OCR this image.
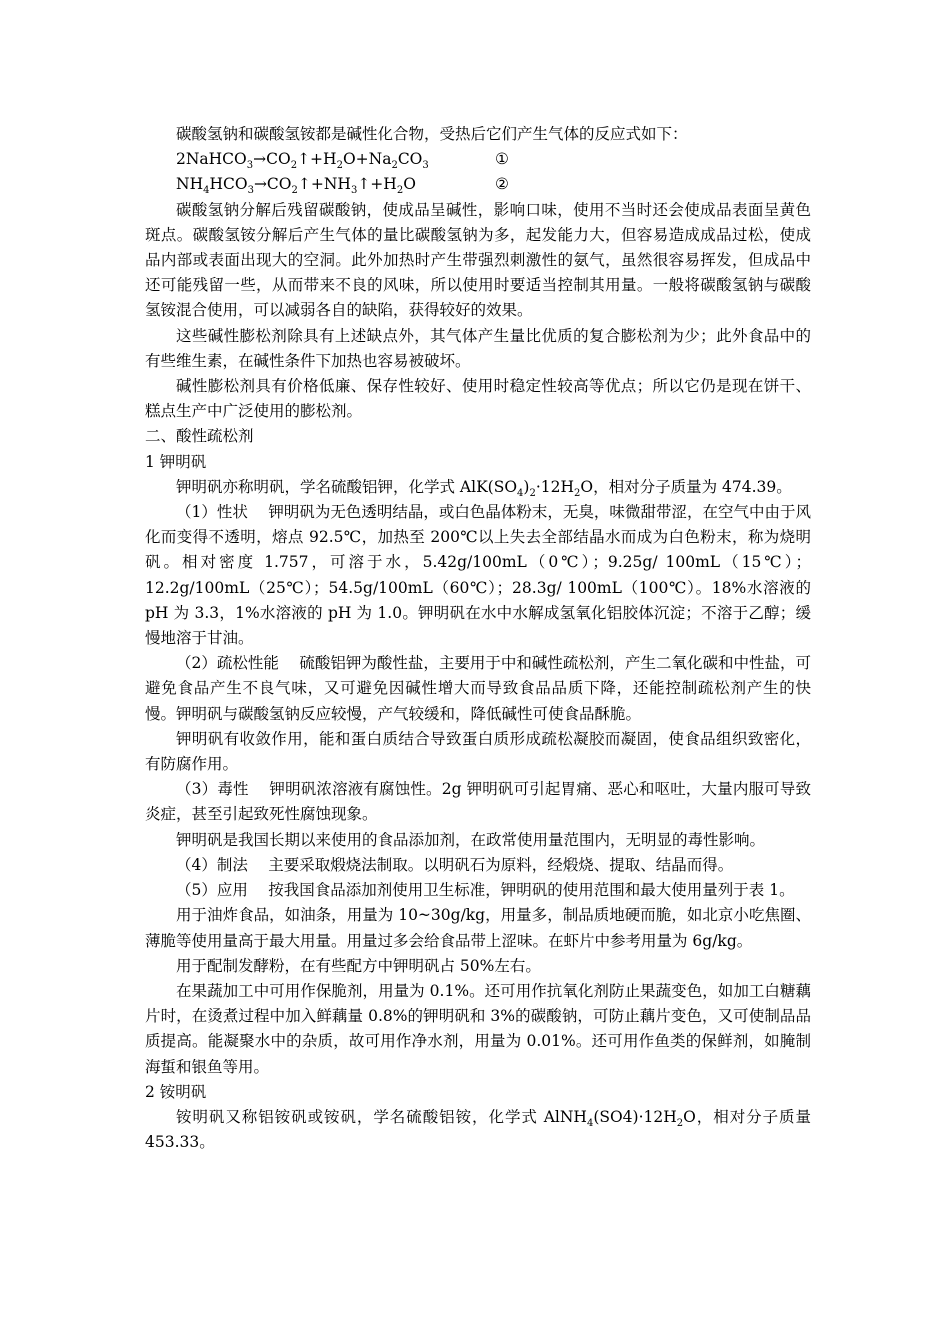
碳酸氢钠和碳酸氢铵都是碱性化合物，受热后它们产生气体的反应式如下：

$2NaHCO_3\to CO_2↑+H_2O+Na_2CO_3$	①

$NH_4HCO_3\to CO_2↑+NH_3↑+H_2O$	②

碳酸氢钠分解后残留碳酸钠，使成品呈碱性，影响口味，使用不当时还会使成品表面呈黄色斑点。碳酸氢铵分解后产生气体的量比碳酸氢钠为多，起发能力大，但容易造成成品过松，使成品内部或表面出现大的空洞。此外加热时产生带强烈刺激性的氨气，虽然很容易挥发，但成品中还可能残留一些，从而带来不良的风味，所以使用时要适当控制其用量。一般将碳酸氢钠与碳酸氢铵混合使用，可以减弱各自的缺陷，获得较好的效果。

这些碱性膨松剂除具有上述缺点外，其气体产生量比优质的复合膨松剂为少；此外食品中的有些维生素，在碱性条件下加热也容易被破坏。

碱性膨松剂具有价格低廉、保存性较好、使用时稳定性较高等优点；所以它仍是现在饼干、糕点生产中广泛使用的膨松剂。

二、酸性疏松剂

1 钾明矾

钾明矾亦称明矾，学名硫酸铝钾，化学式 $AlK(SO_4)_2\cdot 12H_2O$，相对分子质量为 474.39。

（1）性状　 钾明矾为无色透明结晶，或白色晶体粉末，无臭，味微甜带涩，在空气中由于风化而变得不透明，熔点 92.5℃，加热至 200℃以上失去全部结晶水而成为白色粉末，称为烧明矾。相对密度 1.757，可溶于水，5.42g/100mL（0℃）；9.25g/ 100mL（15℃）；12.2g/100mL（25℃）；54.5g/100mL（60℃）；28.3g/ 100mL（100℃）。18%水溶液的 pH 为 3.3，1%水溶液的 pH 为 1.0。钾明矾在水中水解成氢氧化铝胶体沉淀；不溶于乙醇；缓慢地溶于甘油。

（2）疏松性能　 硫酸铝钾为酸性盐，主要用于中和碱性疏松剂，产生二氧化碳和中性盐，可避免食品产生不良气味，又可避免因碱性增大而导致食品品质下降，还能控制疏松剂产生的快慢。钾明矾与碳酸氢钠反应较慢，产气较缓和，降低碱性可使食品酥脆。

钾明矾有收敛作用，能和蛋白质结合导致蛋白质形成疏松凝胶而凝固，使食品组织致密化，有防腐作用。

（3）毒性　 钾明矾浓溶液有腐蚀性。2g 钾明矾可引起胃痛、恶心和呕吐，大量内服可导致炎症，甚至引起致死性腐蚀现象。

钾明矾是我国长期以来使用的食品添加剂，在政常使用量范围内，无明显的毒性影响。

（4）制法　 主要采取煅烧法制取。以明矾石为原料，经煅烧、提取、结晶而得。

（5）应用　 按我国食品添加剂使用卫生标准，钾明矾的使用范围和最大使用量列于表 1。

用于油炸食品，如油条，用量为 10~30g/kg，用量多，制品质地硬而脆，如北京小吃焦圈、薄脆等使用量高于最大用量。用量过多会给食品带上涩味。在虾片中参考用量为 6g/kg。

用于配制发酵粉，在有些配方中钾明矾占 50%左右。

在果蔬加工中可用作保脆剂，用量为 0.1%。还可用作抗氧化剂防止果蔬变色，如加工白糖藕片时，在烫煮过程中加入鲜藕量 0.8%的钾明矾和 3%的碳酸钠，可防止藕片变色，又可使制品品质提高。能凝聚水中的杂质，故可用作净水剂，用量为 0.01%。还可用作鱼类的保鲜剂，如腌制海蜇和银鱼等用。

2 铵明矾

铵明矾又称铝铵矾或铵矾，学名硫酸铝铵，化学式 $AlNH_4(SO4)\cdot 12H_2O$，相对分子质量 453.33。
